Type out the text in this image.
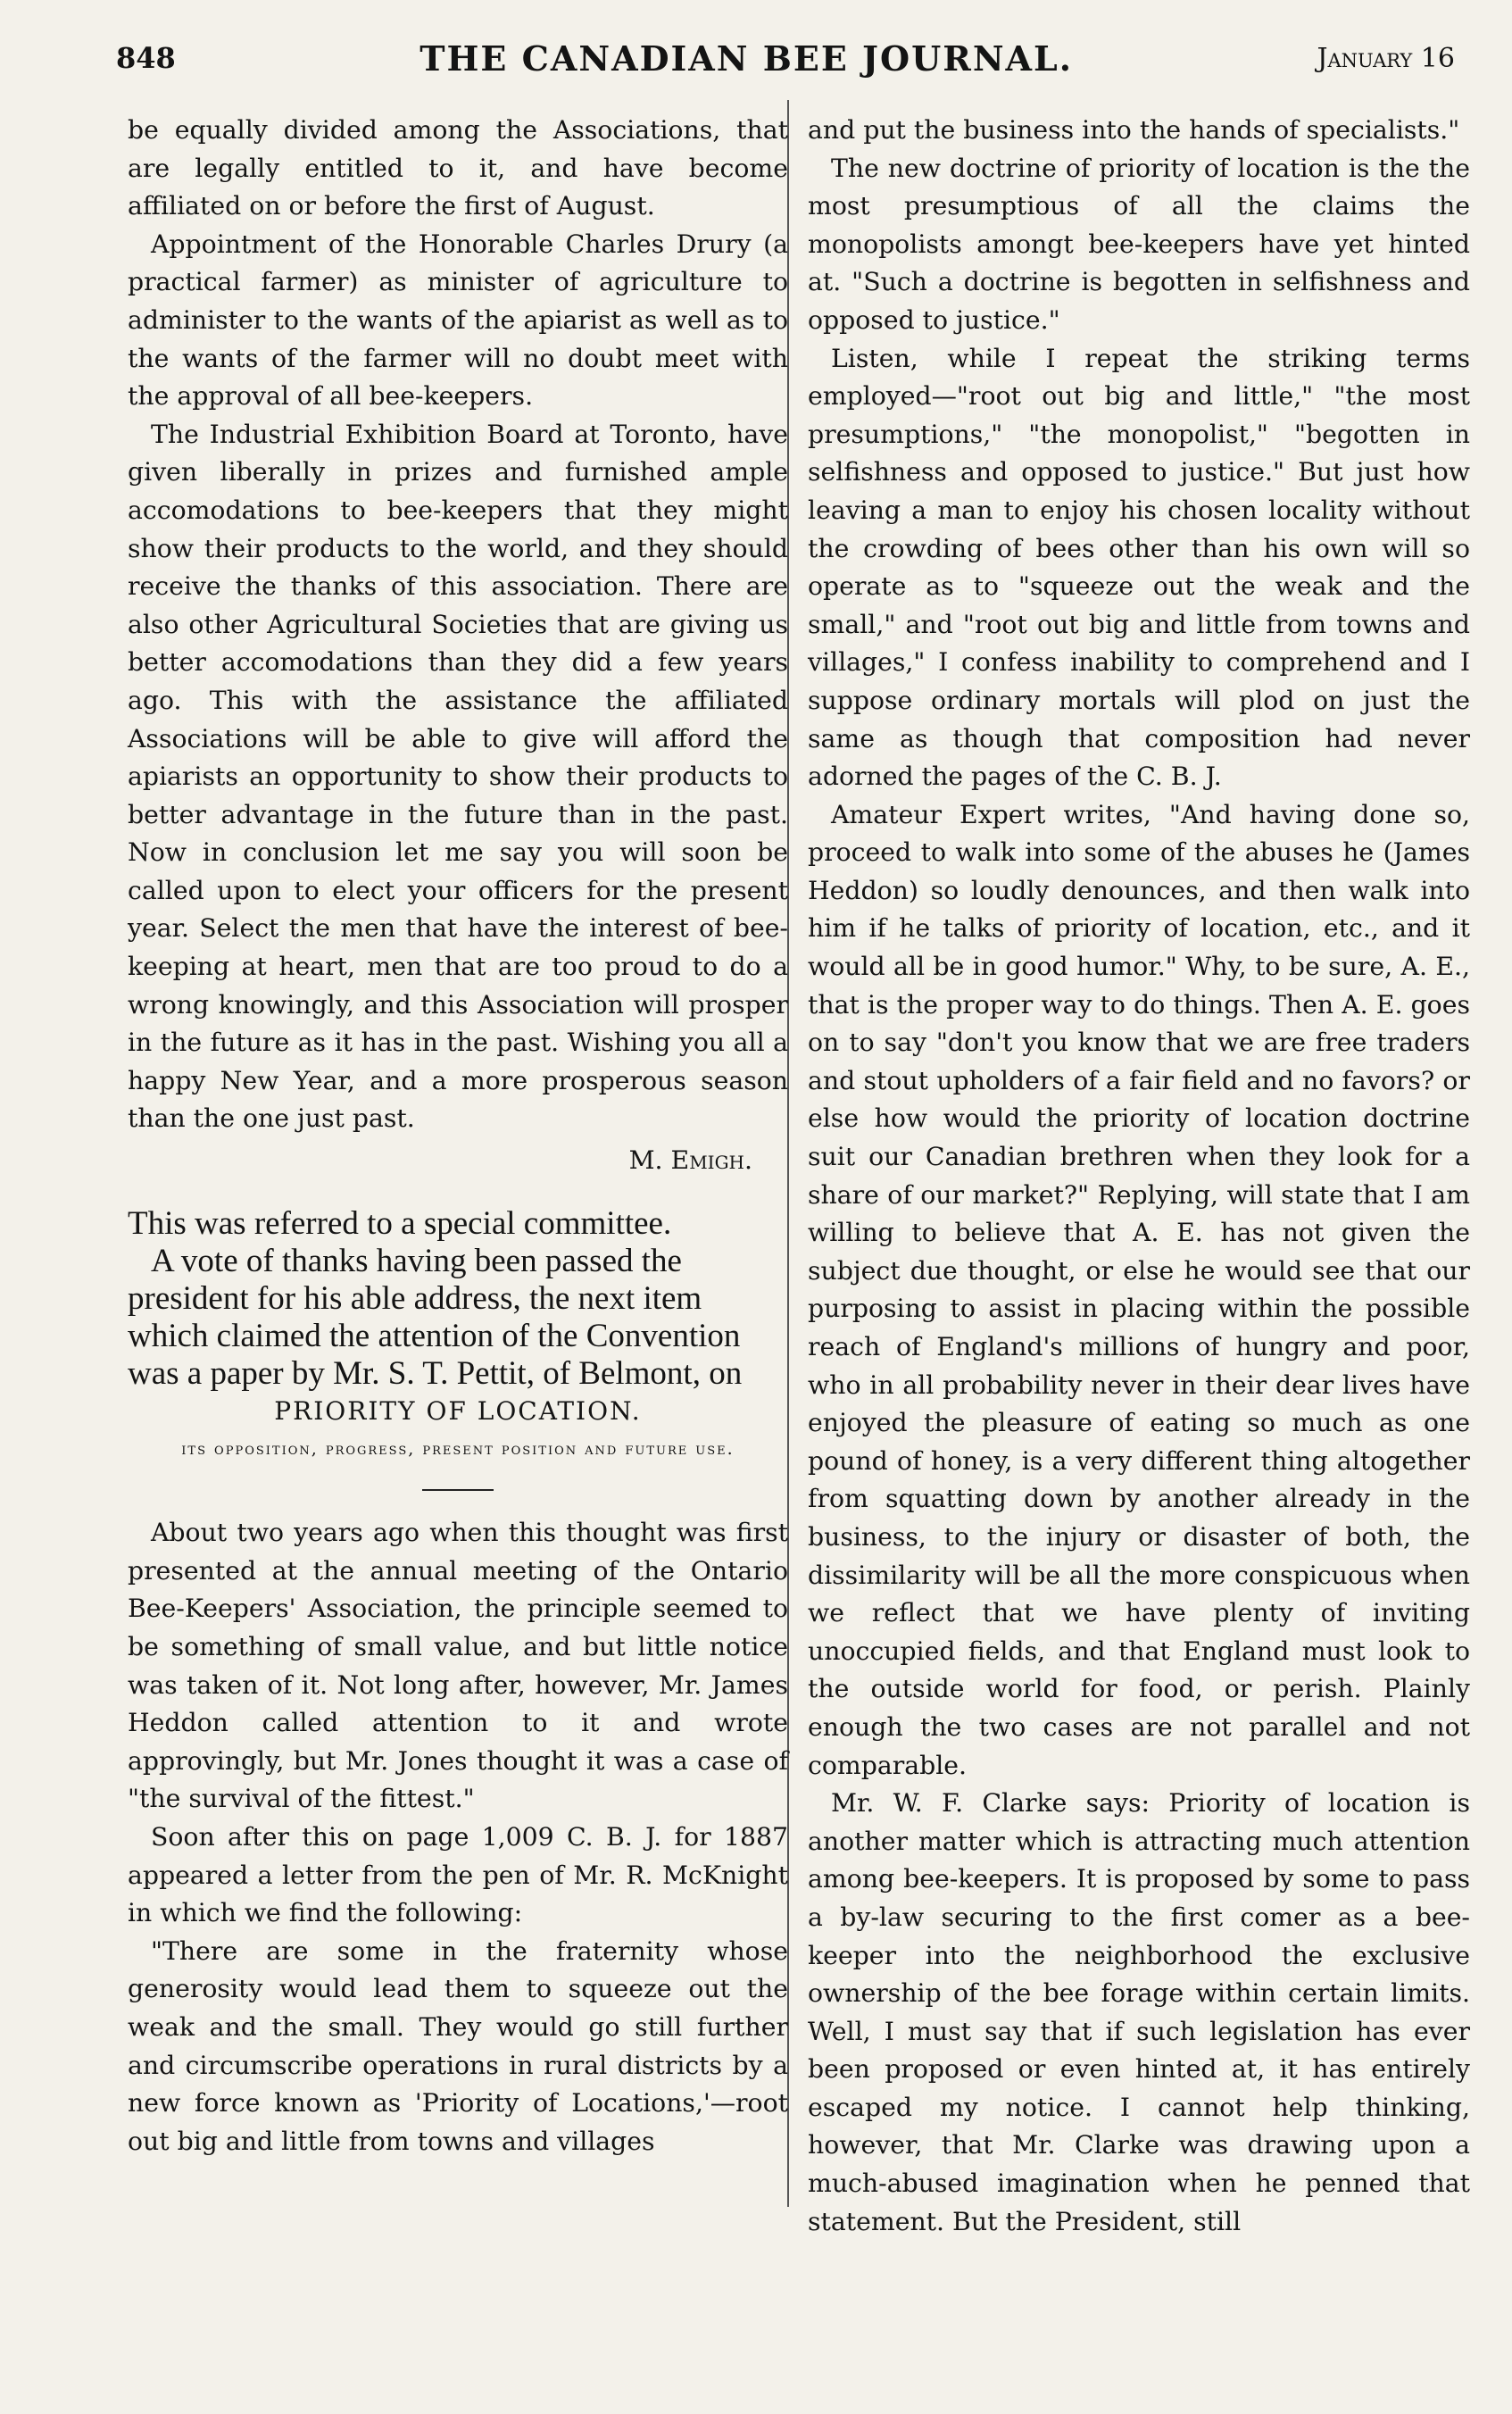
848	THE CANADIAN BEE JOURNAL.	January 16

be equally divided among the Associations, that are legally entitled to it, and have become affiliated on or before the first of August.

Appointment of the Honorable Charles Drury (a practical farmer) as minister of agriculture to administer to the wants of the apiarist as well as to the wants of the farmer will no doubt meet with the approval of all bee-keepers.

The Industrial Exhibition Board at Toronto, have given liberally in prizes and furnished ample accomodations to bee-keepers that they might show their products to the world, and they should receive the thanks of this association. There are also other Agricultural Societies that are giving us better accomodations than they did a few years ago. This with the assistance the affiliated Associations will be able to give will afford the apiarists an opportunity to show their products to better advantage in the future than in the past. Now in conclusion let me say you will soon be called upon to elect your officers for the present year. Select the men that have the interest of bee-keeping at heart, men that are too proud to do a wrong knowingly, and this Association will prosper in the future as it has in the past. Wishing you all a happy New Year, and a more prosperous season than the one just past.

M. Emigh.

This was referred to a special committee.

A vote of thanks having been passed the president for his able address, the next item which claimed the attention of the Convention was a paper by Mr. S. T. Pettit, of Belmont, on

PRIORITY OF LOCATION.

its opposition, progress, present position and future use.

About two years ago when this thought was first presented at the annual meeting of the Ontario Bee-Keepers' Association, the principle seemed to be something of small value, and but little notice was taken of it. Not long after, however, Mr. James Heddon called attention to it and wrote approvingly, but Mr. Jones thought it was a case of "the survival of the fittest."

Soon after this on page 1,009 C. B. J. for 1887 appeared a letter from the pen of Mr. R. McKnight in which we find the following:

"There are some in the fraternity whose generosity would lead them to squeeze out the weak and the small. They would go still further and circumscribe operations in rural districts by a new force known as 'Priority of Locations,'—root out big and little from towns and villages

and put the business into the hands of specialists."

The new doctrine of priority of location is the the most presumptious of all the claims the monopolists amongt bee-keepers have yet hinted at. "Such a doctrine is begotten in selfishness and opposed to justice."

Listen, while I repeat the striking terms employed—"root out big and little," "the most presumptions," "the monopolist," "begotten in selfishness and opposed to justice." But just how leaving a man to enjoy his chosen locality without the crowding of bees other than his own will so operate as to "squeeze out the weak and the small," and "root out big and little from towns and villages," I confess inability to comprehend and I suppose ordinary mortals will plod on just the same as though that composition had never adorned the pages of the C. B. J.

Amateur Expert writes, "And having done so, proceed to walk into some of the abuses he (James Heddon) so loudly denounces, and then walk into him if he talks of priority of location, etc., and it would all be in good humor." Why, to be sure, A. E., that is the proper way to do things. Then A. E. goes on to say "don't you know that we are free traders and stout upholders of a fair field and no favors? or else how would the priority of location doctrine suit our Canadian brethren when they look for a share of our market?" Replying, will state that I am willing to believe that A. E. has not given the subject due thought, or else he would see that our purposing to assist in placing within the possible reach of England's millions of hungry and poor, who in all probability never in their dear lives have enjoyed the pleasure of eating so much as one pound of honey, is a very different thing altogether from squatting down by another already in the business, to the injury or disaster of both, the dissimilarity will be all the more conspicuous when we reflect that we have plenty of inviting unoccupied fields, and that England must look to the outside world for food, or perish. Plainly enough the two cases are not parallel and not comparable.

Mr. W. F. Clarke says: Priority of location is another matter which is attracting much attention among bee-keepers. It is proposed by some to pass a by-law securing to the first comer as a bee-keeper into the neighborhood the exclusive ownership of the bee forage within certain limits. Well, I must say that if such legislation has ever been proposed or even hinted at, it has entirely escaped my notice. I cannot help thinking, however, that Mr. Clarke was drawing upon a much-abused imagination when he penned that statement. But the President, still
